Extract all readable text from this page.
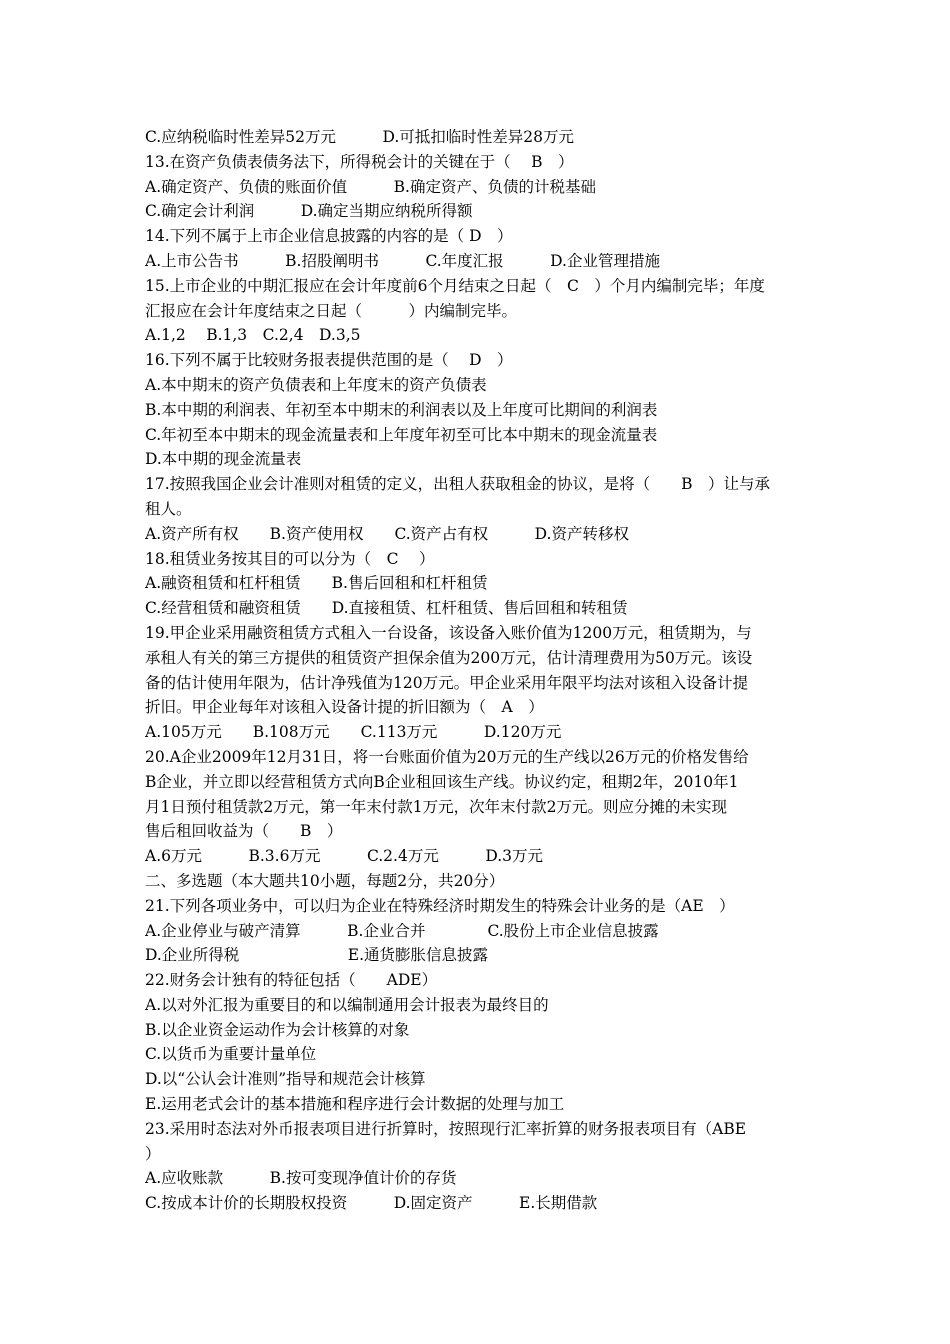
C.应纳税临时性差异52万元　　　D.可抵扣临时性差异28万元
13.在资产负债表债务法下，所得税会计的关键在于（　 B　）
A.确定资产、负债的账面价值　　　B.确定资产、负债的计税基础
C.确定会计利润　　　D.确定当期应纳税所得额
14.下列不属于上市企业信息披露的内容的是（ D　）
A.上市公告书　　　B.招股阐明书　　　C.年度汇报　　　D.企业管理措施
15.上市企业的中期汇报应在会计年度前6个月结束之日起（　C　）个月内编制完毕；年度
汇报应在会计年度结束之日起（　　　）内编制完毕。
A.1,2　 B.1,3　C.2,4　D.3,5
16.下列不属于比较财务报表提供范围的是（　 D　）
A.本中期末的资产负债表和上年度末的资产负债表
B.本中期的利润表、年初至本中期末的利润表以及上年度可比期间的利润表
C.年初至本中期末的现金流量表和上年度年初至可比本中期末的现金流量表
D.本中期的现金流量表
17.按照我国企业会计准则对租赁的定义，出租人获取租金的协议，是将（　　B　）让与承
租人。
A.资产所有权　　B.资产使用权　　C.资产占有权　　　D.资产转移权
18.租赁业务按其目的可以分为（　C　 ）
A.融资租赁和杠杆租赁　　B.售后回租和杠杆租赁
C.经营租赁和融资租赁　　D.直接租赁、杠杆租赁、售后回租和转租赁
19.甲企业采用融资租赁方式租入一台设备，该设备入账价值为1200万元，租赁期为，与
承租人有关的第三方提供的租赁资产担保余值为200万元，估计清理费用为50万元。该设
备的估计使用年限为，估计净残值为120万元。甲企业采用年限平均法对该租入设备计提
折旧。甲企业每年对该租入设备计提的折旧额为（　A　）
A.105万元　　B.108万元　　C.113万元　　　D.120万元
20.A企业2009年12月31日，将一台账面价值为20万元的生产线以26万元的价格发售给
B企业，并立即以经营租赁方式向B企业租回该生产线。协议约定，租期2年，2010年1
月1日预付租赁款2万元，第一年末付款1万元，次年末付款2万元。则应分摊的未实现
售后租回收益为（　　B　）
A.6万元　　　B.3.6万元　　　C.2.4万元　　　D.3万元
二、多选题（本大题共10小题，每题2分，共20分）
21.下列各项业务中，可以归为企业在特殊经济时期发生的特殊会计业务的是（AE　）
A.企业停业与破产清算　　　B.企业合并　　　　C.股份上市企业信息披露
D.企业所得税　　　　　　　E.通货膨胀信息披露
22.财务会计独有的特征包括（　　ADE）
A.以对外汇报为重要目的和以编制通用会计报表为最终目的
B.以企业资金运动作为会计核算的对象
C.以货币为重要计量单位
D.以“公认会计准则”指导和规范会计核算
E.运用老式会计的基本措施和程序进行会计数据的处理与加工
23.采用时态法对外币报表项目进行折算时，按照现行汇率折算的财务报表项目有（ABE
）
A.应收账款　　　B.按可变现净值计价的存货
C.按成本计价的长期股权投资　　　D.固定资产　　　E.长期借款
